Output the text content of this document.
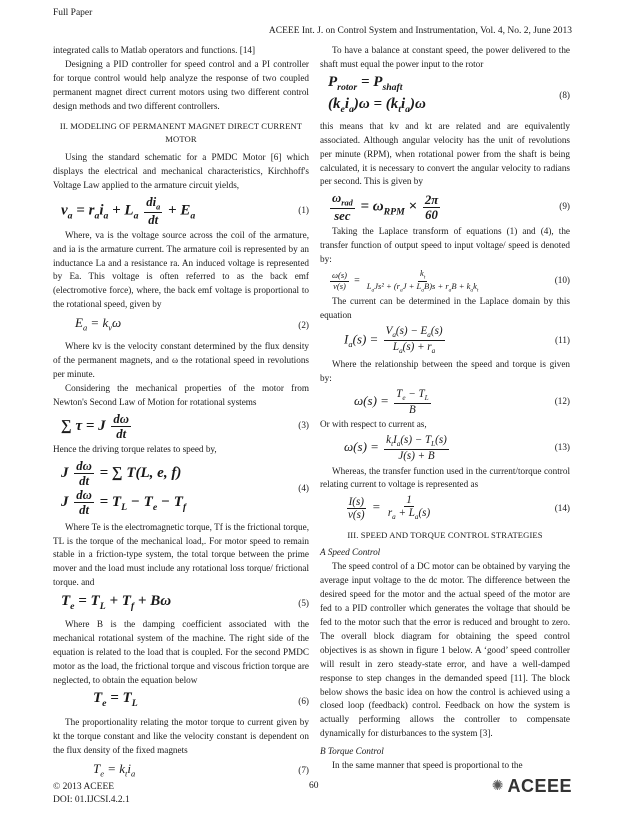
Full Paper
ACEEE Int. J. on Control System and Instrumentation, Vol. 4, No. 2, June 2013

integrated calls to Matlab operators and functions. [14]

Designing a PID controller for speed control and a PI controller for torque control would help analyze the response of two coupled permanent magnet direct current motors using two different control design methods and two different controllers.

II. MODELING OF PERMANENT MAGNET DIRECT CURRENT MOTOR

Using the standard schematic for a PMDC Motor [6] which displays the electrical and mechanical characteristics, Kirchhoff's Voltage Law applied to the armature circuit yields,

$v_a = r_ai_a + L_a \frac{di_a}{dt} + E_a$
(1)

Where, va is the voltage source across the coil of the armature, and ia is the armature current. The armature coil is represented by an inductance La and a resistance ra. An induced voltage is represented by Ea. This voltage is often referred to as the back emf (electromotive force), where, the back emf voltage is proportional to the rotational speed, given by

$E_a = k_v\omega$	(2)

Where kv is the velocity constant determined by the flux density of the permanent magnets, and ω the rotational speed in revolutions per minute.

Considering the mechanical properties of the motor from Newton's Second Law of Motion for rotational systems

∑ τ = J $\frac{d\omega}{dt}$	(3)

Hence the driving torque relates to speed by,

J $\frac{d\omega}{dt}$ = ∑ T(L, e, f)
J $\frac{d\omega}{dt} = T_L - T_e - T_f$
(4)

Where Te is the electromagnetic torque, Tf is the frictional torque, TL is the torque of the mechanical load,. For motor speed to remain stable in a friction-type system, the total torque between the prime mover and the load must include any rotational loss torque/ frictional torque. and

$T_e = T_L + T_f + B\omega$	(5)

Where B is the damping coefficient associated with the mechanical rotational system of the machine. The right side of the equation is related to the load that is coupled. For the second PMDC motor as the load, the frictional torque and viscous friction torque are neglected, to obtain the equation below

$T_e = T_L$	(6)

The proportionality relating the motor torque to current given by kt the torque constant and like the velocity constant is dependent on the flux density of the fixed magnets

$T_e = k_ti_a$	(7)

To have a balance at constant speed, the power delivered to the shaft must equal the power input to the rotor

$P_{rotor} = P_{shaft}$
$(k_ei_a)\omega = (k_ti_a)\omega$
(8)

this means that kv and kt are related and are equivalently associated. Although angular velocity has the unit of revolutions per minute (RPM), when rotational power from the shaft is being calculated, it is necessary to convert the angular velocity to radians per second. This is given by

$\frac{\omega_{rad}}{\sec} = \omega_{RPM} \times \frac{2\pi}{60}$	(9)

Taking the Laplace transform of equations (1) and (4), the transfer function of output speed to input voltage/ speed is denoted by:

$\frac{\omega(s)}{v(s)} = \frac{k_t}{L_aJs^2 + (r_aJ + L_aB)s + r_aB + k_ak_t}$	(10)

The current can be determined in the Laplace domain by this equation

$I_a(s) = \frac{V_a(s) - E_a(s)}{L_a(s) + r_a}$	(11)

Where the relationship between the speed and torque is given by:

$\omega(s) = \frac{T_e - T_L}{B}$	(12)

Or with respect to current as,

$\omega(s) = \frac{k_tI_a(s) - T_L(s)}{J(s) + B}$	(13)

Whereas, the transfer function used in the current/torque control relating current to voltage is represented as

$\frac{I(s)}{v(s)} = \frac{1}{r_a + L_a(s)}$	(14)

III. SPEED AND TORQUE CONTROL STRATEGIES

A Speed Control

The speed control of a DC motor can be obtained by varying the average input voltage to the dc motor. The difference between the desired speed for the motor and the actual speed of the motor are fed to a PID controller which generates the voltage that should be fed to the motor such that the error is reduced and brought to zero. The overall block diagram for obtaining the speed control objectives is as shown in figure 1 below. A ‘good’ speed controller will result in zero steady-state error, and have a well-damped response to step changes in the demanded speed [11]. The block below shows the basic idea on how the control is achieved using a closed loop (feedback) control. Feedback on how the system is actually performing allows the controller to compensate dynamically for disturbances to the system [3].

B Torque Control

In the same manner that speed is proportional to the

© 2013 ACEEE
DOI: 01.IJCSI.4.2.1
60	✺ ACEEE
